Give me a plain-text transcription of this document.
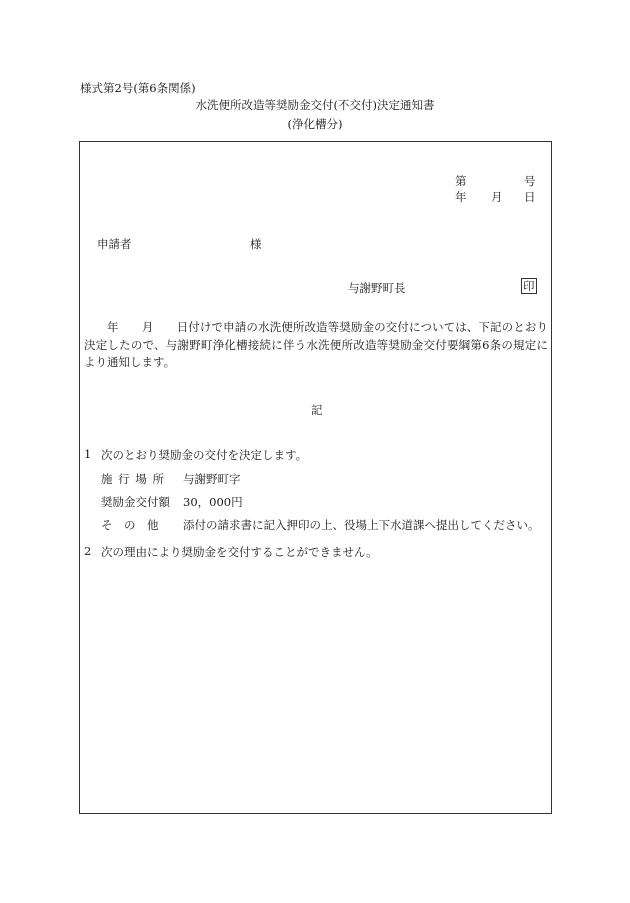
様式第2号(第6条関係)
水洗便所改造等奨励金交付(不交付)決定通知書
(浄化槽分)
第	号
年 月 日
申請者	様
与謝野町長	印
年　　月　　日付けで申請の水洗便所改造等奨励金の交付については、下記のとおり決定したので、与謝野町浄化槽接続に伴う水洗便所改造等奨励金交付要綱第6条の規定により通知します。
記
1 次のとおり奨励金の交付を決定します。
施 行 場 所 与謝野町字
奨励金交付額 30，000円
そ　の　他 添付の請求書に記入押印の上、役場上下水道課へ提出してください。
2 次の理由により奨励金を交付することができません。
